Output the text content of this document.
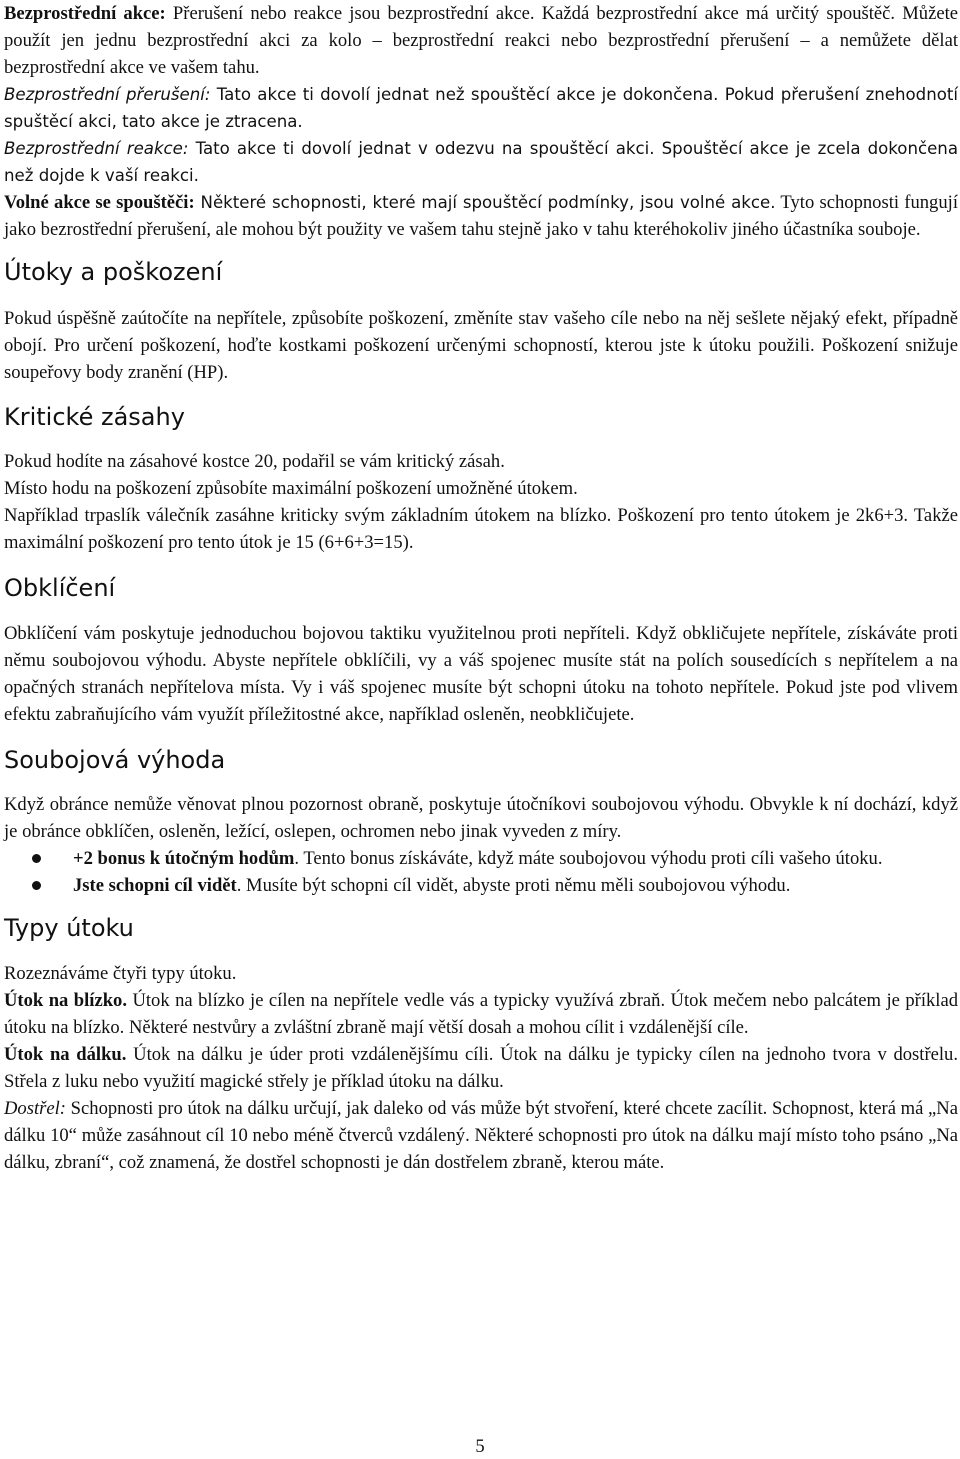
Bezprostřední akce: Přerušení nebo reakce jsou bezprostřední akce. Každá bezprostřední akce má určitý spouštěč. Můžete použít jen jednu bezprostřední akci za kolo – bezprostřední reakci nebo bezprostřední přerušení – a nemůžete dělat bezprostřední akce ve vašem tahu.

Bezprostřední přerušení: Tato akce ti dovolí jednat než spouštěcí akce je dokončena. Pokud přerušení znehodnotí spuštěcí akci, tato akce je ztracena.

Bezprostřední reakce: Tato akce ti dovolí jednat v odezvu na spouštěcí akci. Spouštěcí akce je zcela dokončena než dojde k vaší reakci.

Volné akce se spouštěči: Některé schopnosti, které mají spouštěcí podmínky, jsou volné akce. Tyto schopnosti fungují jako bezrostřední přerušení, ale mohou být použity ve vašem tahu stejně jako v tahu kteréhokoliv jiného účastníka souboje.

Útoky a poškození

Pokud úspěšně zaútočíte na nepřítele, způsobíte poškození, změníte stav vašeho cíle nebo na něj sešlete nějaký efekt, případně obojí. Pro určení poškození, hoďte kostkami poškození určenými schopností, kterou jste k útoku použili. Poškození snižuje soupeřovy body zranění (HP).

Kritické zásahy

Pokud hodíte na zásahové kostce 20, podařil se vám kritický zásah.

Místo hodu na poškození způsobíte maximální poškození umožněné útokem.

Například trpaslík válečník zasáhne kriticky svým základním útokem na blízko. Poškození pro tento útokem je 2k6+3. Takže maximální poškození pro tento útok je 15 (6+6+3=15).

Obklíčení

Obklíčení vám poskytuje jednoduchou bojovou taktiku využitelnou proti nepříteli. Když obkličujete nepřítele, získáváte proti němu soubojovou výhodu. Abyste nepřítele obklíčili, vy a váš spojenec musíte stát na polích sousedících s nepřítelem a na opačných stranách nepřítelova místa. Vy i váš spojenec musíte být schopni útoku na tohoto nepřítele. Pokud jste pod vlivem efektu zabraňujícího vám využít příležitostné akce, například osleněn, neobkličujete.

Soubojová výhoda

Když obránce nemůže věnovat plnou pozornost obraně, poskytuje útočníkovi soubojovou výhodu. Obvykle k ní dochází, když je obránce obklíčen, osleněn, ležící, oslepen, ochromen nebo jinak vyveden z míry.

+2 bonus k útočným hodům. Tento bonus získáváte, když máte soubojovou výhodu proti cíli vašeho útoku.
Jste schopni cíl vidět. Musíte být schopni cíl vidět, abyste proti němu měli soubojovou výhodu.
Typy útoku

Rozeznáváme čtyři typy útoku.

Útok na blízko. Útok na blízko je cílen na nepřítele vedle vás a typicky využívá zbraň. Útok mečem nebo palcátem je příklad útoku na blízko. Některé nestvůry a zvláštní zbraně mají větší dosah a mohou cílit i vzdálenější cíle.

Útok na dálku. Útok na dálku je úder proti vzdálenějšímu cíli. Útok na dálku je typicky cílen na jednoho tvora v dostřelu. Střela z luku nebo využití magické střely je příklad útoku na dálku.

Dostřel: Schopnosti pro útok na dálku určují, jak daleko od vás může být stvoření, které chcete zacílit. Schopnost, která má „Na dálku 10“ může zasáhnout cíl 10 nebo méně čtverců vzdálený. Některé schopnosti pro útok na dálku mají místo toho psáno „Na dálku, zbraní“, což znamená, že dostřel schopnosti je dán dostřelem zbraně, kterou máte.

5
